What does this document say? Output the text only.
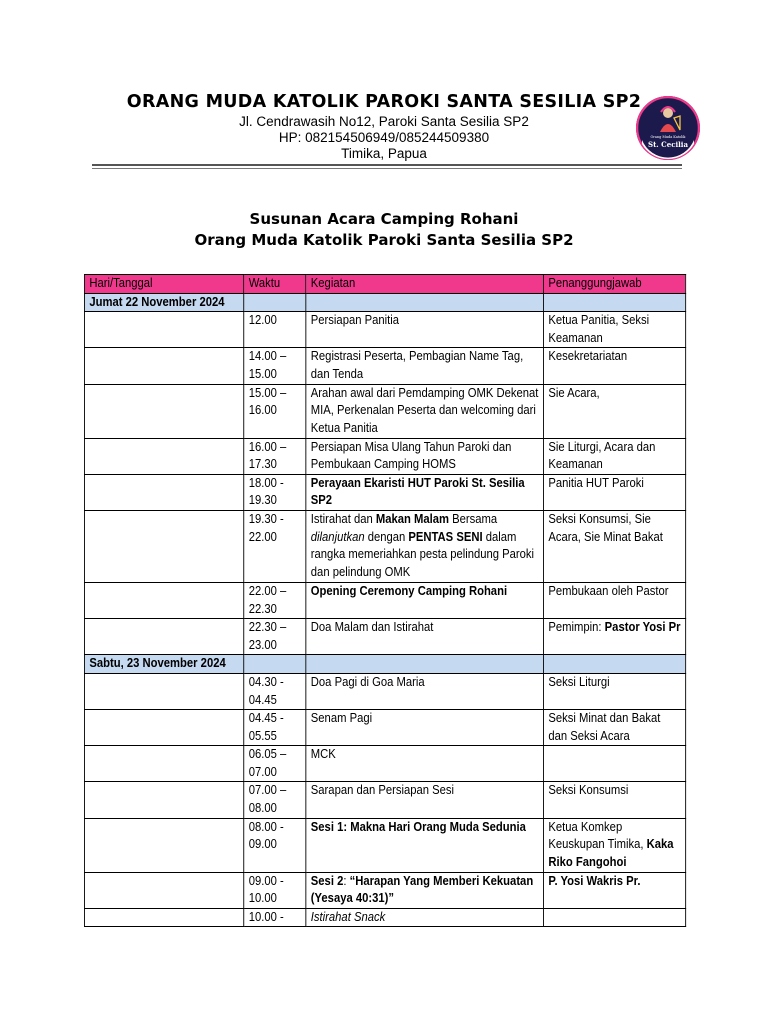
ORANG MUDA KATOLIK PAROKI SANTA SESILIA SP2
Jl. Cendrawasih No12, Paroki Santa Sesilia SP2
HP: 082154506949/085244509380
Timika, Papua
Orang Muda Katolik
St. Cecilia
Susunan Acara Camping Rohani
Orang Muda Katolik Paroki Santa Sesilia SP2
Hari/Tanggal	Waktu	Kegiatan	Penanggungjawab
Jumat 22 November 2024			
	12.00	Persiapan Panitia	Ketua Panitia, Seksi Keamanan
	14.00 – 15.00	Registrasi Peserta, Pembagian Name Tag, dan Tenda	Kesekretariatan
	15.00 – 16.00	Arahan awal dari Pemdamping OMK Dekenat MIA, Perkenalan Peserta dan welcoming dari Ketua Panitia	Sie Acara,
	16.00 – 17.30	Persiapan Misa Ulang Tahun Paroki dan Pembukaan Camping HOMS	Sie Liturgi, Acara dan Keamanan
	18.00 - 19.30	Perayaan Ekaristi HUT Paroki St. Sesilia SP2	Panitia HUT Paroki
	19.30 - 22.00	Istirahat dan Makan Malam Bersama dilanjutkan dengan PENTAS SENI dalam rangka memeriahkan pesta pelindung Paroki dan pelindung OMK	Seksi Konsumsi, Sie Acara, Sie Minat Bakat
	22.00 – 22.30	Opening Ceremony Camping Rohani	Pembukaan oleh Pastor
	22.30 – 23.00	Doa Malam dan Istirahat	Pemimpin: Pastor Yosi Pr
Sabtu, 23 November 2024			
	04.30 - 04.45	Doa Pagi di Goa Maria	Seksi Liturgi
	04.45 - 05.55	Senam Pagi	Seksi Minat dan Bakat dan Seksi Acara
	06.05 – 07.00	MCK	
	07.00 – 08.00	Sarapan dan Persiapan Sesi	Seksi Konsumsi
	08.00 - 09.00	Sesi 1: Makna Hari Orang Muda Sedunia	Ketua Komkep Keuskupan Timika, Kaka Riko Fangohoi
	09.00 - 10.00	Sesi 2: “Harapan Yang Memberi Kekuatan (Yesaya 40:31)”	P. Yosi Wakris Pr.
	10.00 -	Istirahat Snack	
